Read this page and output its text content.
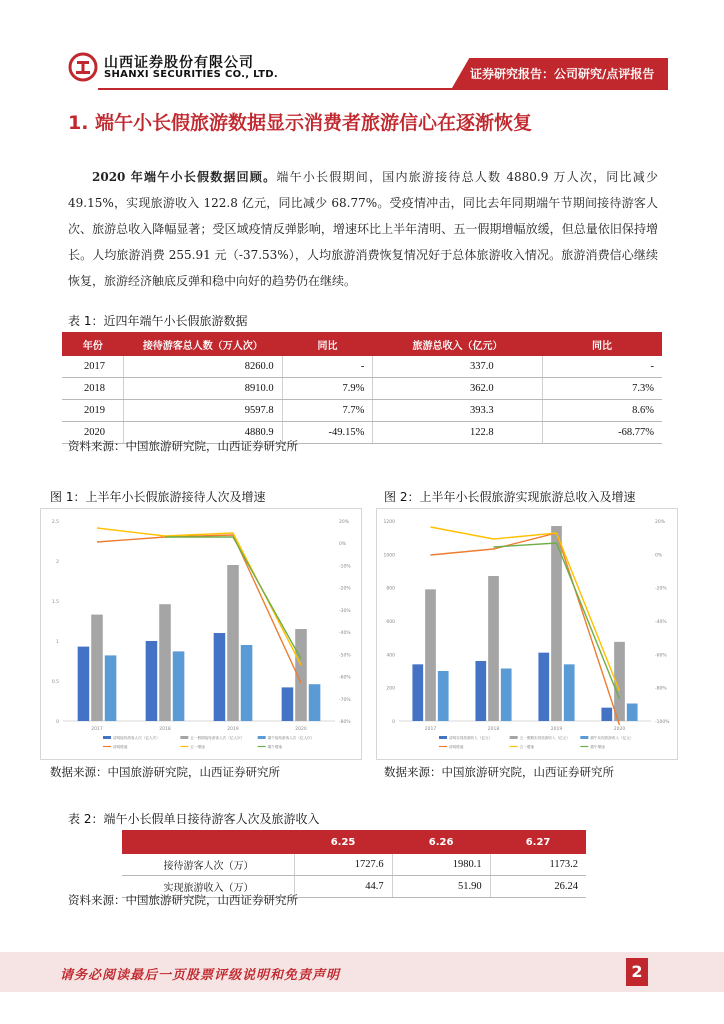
山西证券股份有限公司
SHANXI SECURITIES CO., LTD.	证券研究报告：公司研究/点评报告
1. 端午小长假旅游数据显示消费者旅游信心在逐渐恢复
2020 年端午小长假数据回顾。端午小长假期间，国内旅游接待总人数 4880.9 万人次，同比减少 49.15%，实现旅游收入 122.8 亿元，同比减少 68.77%。受疫情冲击，同比去年同期端午节期间接待游客人次、旅游总收入降幅显著；受区域疫情反弹影响，增速环比上半年清明、五一假期增幅放缓，但总量依旧保持增长。人均旅游消费 255.91 元（-37.53%），人均旅游消费恢复情况好于总体旅游收入情况。旅游消费信心继续恢复，旅游经济触底反弹和稳中向好的趋势仍在继续。
表 1：近四年端午小长假旅游数据
年份	接待游客总人数（万人次）	同比	旅游总收入（亿元）	同比
2017	8260.0	-	337.0	-
2018	8910.0	7.9%	362.0	7.3%
2019	9597.8	7.7%	393.3	8.6%
2020	4880.9	-49.15%	122.8	-68.77%
资料来源：中国旅游研究院，山西证券研究所
图 1：上半年小长假旅游接待人次及增速	图 2：上半年小长假旅游实现旅游总收入及增速
0
0.5
1
1.5
2
2.5	20%
0%
-10%
-20%
-30%
-40%
-50%
-60%
-70%
-80%
2017	2018	2019	2020
清明接待游客人次（亿人次）	五一假期接待游客人次（亿人次）	端午接待游客人次（亿人次）
清明增速	五一增速	端午增速
0
200
400
600
800
1000
1200	20%
0%
-20%
-40%
-60%
-80%
-100%
2017	2018	2019	2020
清明实现旅游收入（亿元）	五一假期实现旅游收入（亿元）	端午实现旅游收入（亿元）
清明增速	五一增速	端午增速
数据来源：中国旅游研究院，山西证券研究所	数据来源：中国旅游研究院，山西证券研究所
表 2：端午小长假单日接待游客人次及旅游收入
	6.25	6.26	6.27
接待游客人次（万）	1727.6	1980.1	1173.2
实现旅游收入（万）	44.7	51.90	26.24
资料来源：中国旅游研究院，山西证券研究所
请务必阅读最后一页股票评级说明和免责声明	2
